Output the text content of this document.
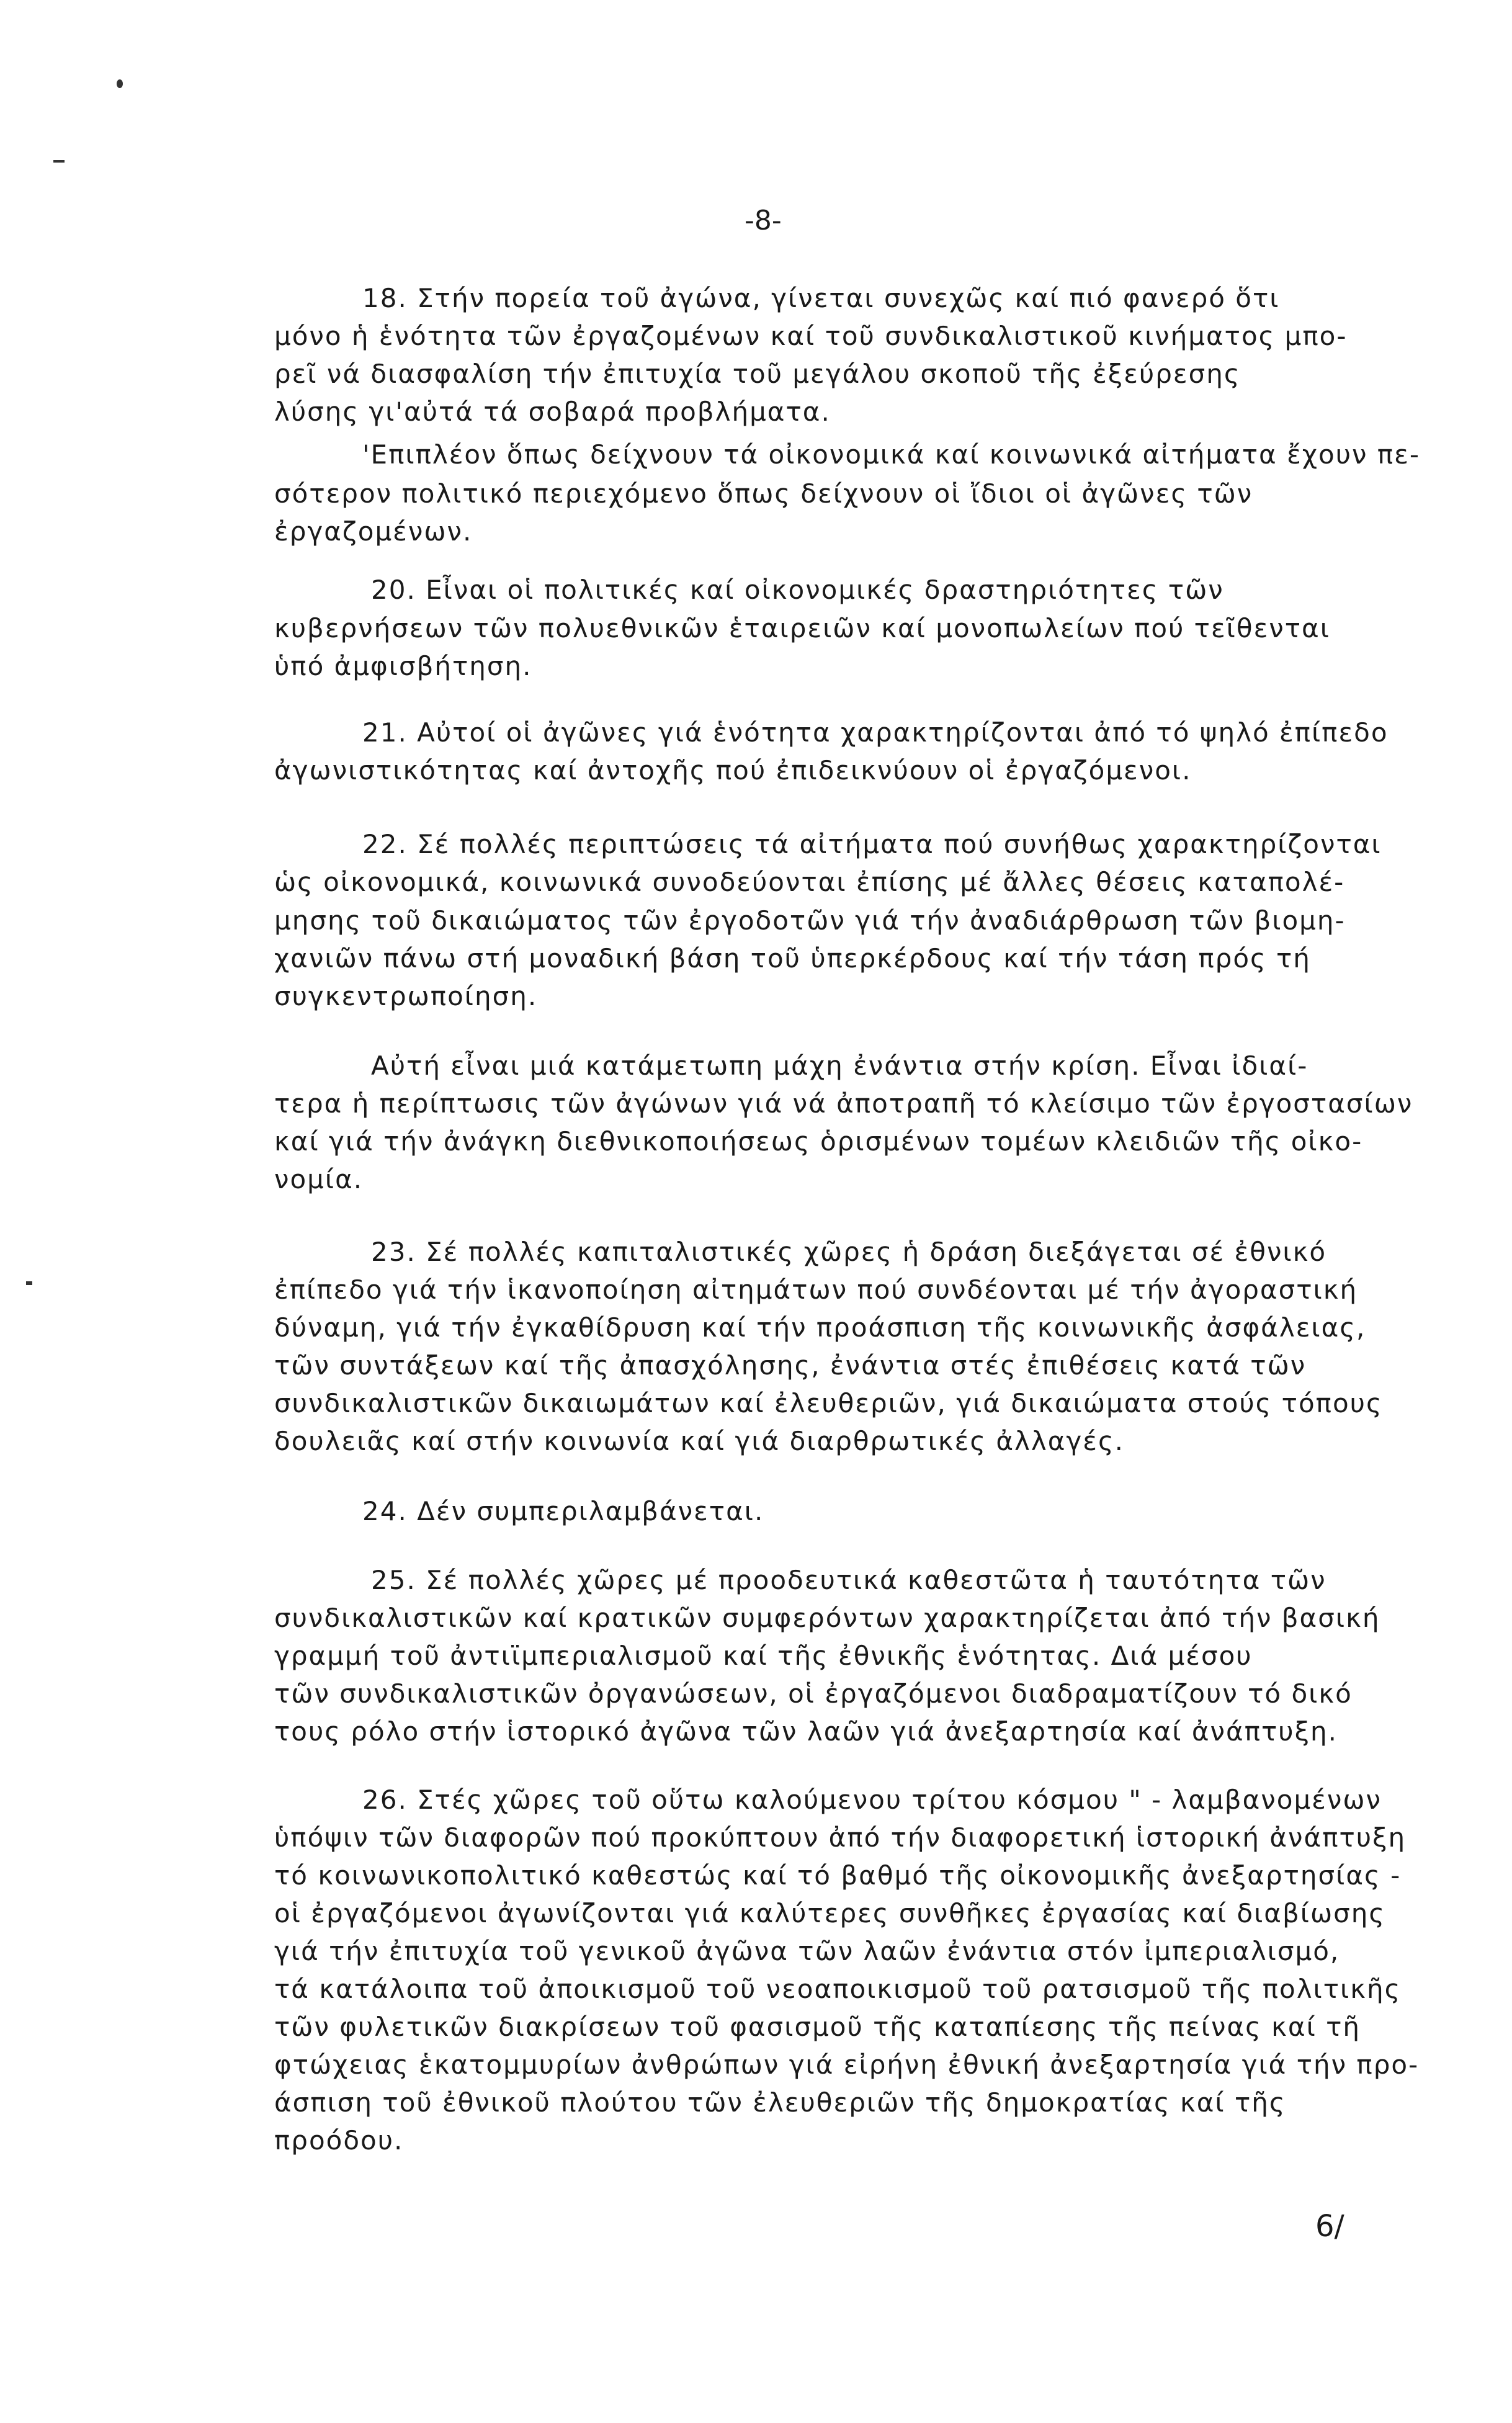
-8-
18. Στήν πορεία τοῦ ἀγώνα, γίνεται συνεχῶς καί πιό φανερό ὅτι
μόνο ἡ ἑνότητα τῶν ἐργαζομένων καί τοῦ συνδικαλιστικοῦ κινήματος μπο-
ρεῖ νά διασφαλίση τήν ἐπιτυχία τοῦ μεγάλου σκοποῦ τῆς ἐξεύρεσης
λύσης γι'αὐτά τά σοβαρά προβλήματα.
'Επιπλέον ὅπως δείχνουν τά οἰκονομικά καί κοινωνικά αἰτήματα ἔχουν πε-
σότερον πολιτικό περιεχόμενο ὅπως δείχνουν οἱ ἴδιοι οἱ ἀγῶνες τῶν
ἐργαζομένων.
20. Εἶναι οἱ πολιτικές καί οἰκονομικές δραστηριότητες τῶν
κυβερνήσεων τῶν πολυεθνικῶν ἑταιρειῶν καί μονοπωλείων πού τεῖθενται
ὑπό ἀμφισβήτηση.
21. Αὐτοί οἱ ἀγῶνες γιά ἑνότητα χαρακτηρίζονται ἀπό τό ψηλό ἐπίπεδο
ἀγωνιστικότητας καί ἀντοχῆς πού ἐπιδεικνύουν οἱ ἐργαζόμενοι.
22. Σέ πολλές περιπτώσεις τά αἰτήματα πού συνήθως χαρακτηρίζονται
ὡς οἰκονομικά, κοινωνικά συνοδεύονται ἐπίσης μέ ἄλλες θέσεις καταπολέ-
μησης τοῦ δικαιώματος τῶν ἐργοδοτῶν γιά τήν ἀναδιάρθρωση τῶν βιομη-
χανιῶν πάνω στή μοναδική βάση τοῦ ὑπερκέρδους καί τήν τάση πρός τή
συγκεντρωποίηση.
Αὐτή εἶναι μιά κατάμετωπη μάχη ἐνάντια στήν κρίση. Εἶναι ἰδιαί-
τερα ἡ περίπτωσις τῶν ἀγώνων γιά νά ἀποτραπῆ τό κλείσιμο τῶν ἐργοστασίων
καί γιά τήν ἀνάγκη διεθνικοποιήσεως ὁρισμένων τομέων κλειδιῶν τῆς οἰκο-
νομία.
23. Σέ πολλές καπιταλιστικές χῶρες ἡ δράση διεξάγεται σέ ἐθνικό
ἐπίπεδο γιά τήν ἱκανοποίηση αἰτημάτων πού συνδέονται μέ τήν ἀγοραστική
δύναμη, γιά τήν ἐγκαθίδρυση καί τήν προάσπιση τῆς κοινωνικῆς ἀσφάλειας,
τῶν συντάξεων καί τῆς ἀπασχόλησης, ἐνάντια στές ἐπιθέσεις κατά τῶν
συνδικαλιστικῶν δικαιωμάτων καί ἐλευθεριῶν, γιά δικαιώματα στούς τόπους
δουλειᾶς καί στήν κοινωνία καί γιά διαρθρωτικές ἀλλαγές.
24. Δέν συμπεριλαμβάνεται.
25. Σέ πολλές χῶρες μέ προοδευτικά καθεστῶτα ἡ ταυτότητα τῶν
συνδικαλιστικῶν καί κρατικῶν συμφερόντων χαρακτηρίζεται ἀπό τήν βασική
γραμμή τοῦ ἀντιϊμπεριαλισμοῦ καί τῆς ἐθνικῆς ἑνότητας. Διά μέσου
τῶν συνδικαλιστικῶν ὀργανώσεων, οἱ ἐργαζόμενοι διαδραματίζουν τό δικό
τους ρόλο στήν ἱστορικό ἀγῶνα τῶν λαῶν γιά ἀνεξαρτησία καί ἀνάπτυξη.
26. Στές χῶρες τοῦ οὕτω καλούμενου τρίτου κόσμου " - λαμβανομένων
ὑπόψιν τῶν διαφορῶν πού προκύπτουν ἀπό τήν διαφορετική ἱστορική ἀνάπτυξη
τό κοινωνικοπολιτικό καθεστώς καί τό βαθμό τῆς οἰκονομικῆς ἀνεξαρτησίας -
οἱ ἐργαζόμενοι ἀγωνίζονται γιά καλύτερες συνθῆκες ἐργασίας καί διαβίωσης
γιά τήν ἐπιτυχία τοῦ γενικοῦ ἀγῶνα τῶν λαῶν ἐνάντια στόν ἰμπεριαλισμό,
τά κατάλοιπα τοῦ ἀποικισμοῦ τοῦ νεοαποικισμοῦ τοῦ ρατσισμοῦ τῆς πολιτικῆς
τῶν φυλετικῶν διακρίσεων τοῦ φασισμοῦ τῆς καταπίεσης τῆς πείνας καί τῆ
φτώχειας ἑκατομμυρίων ἀνθρώπων γιά εἰρήνη ἐθνική ἀνεξαρτησία γιά τήν προ-
άσπιση τοῦ ἐθνικοῦ πλούτου τῶν ἐλευθεριῶν τῆς δημοκρατίας καί τῆς
προόδου.
6/
